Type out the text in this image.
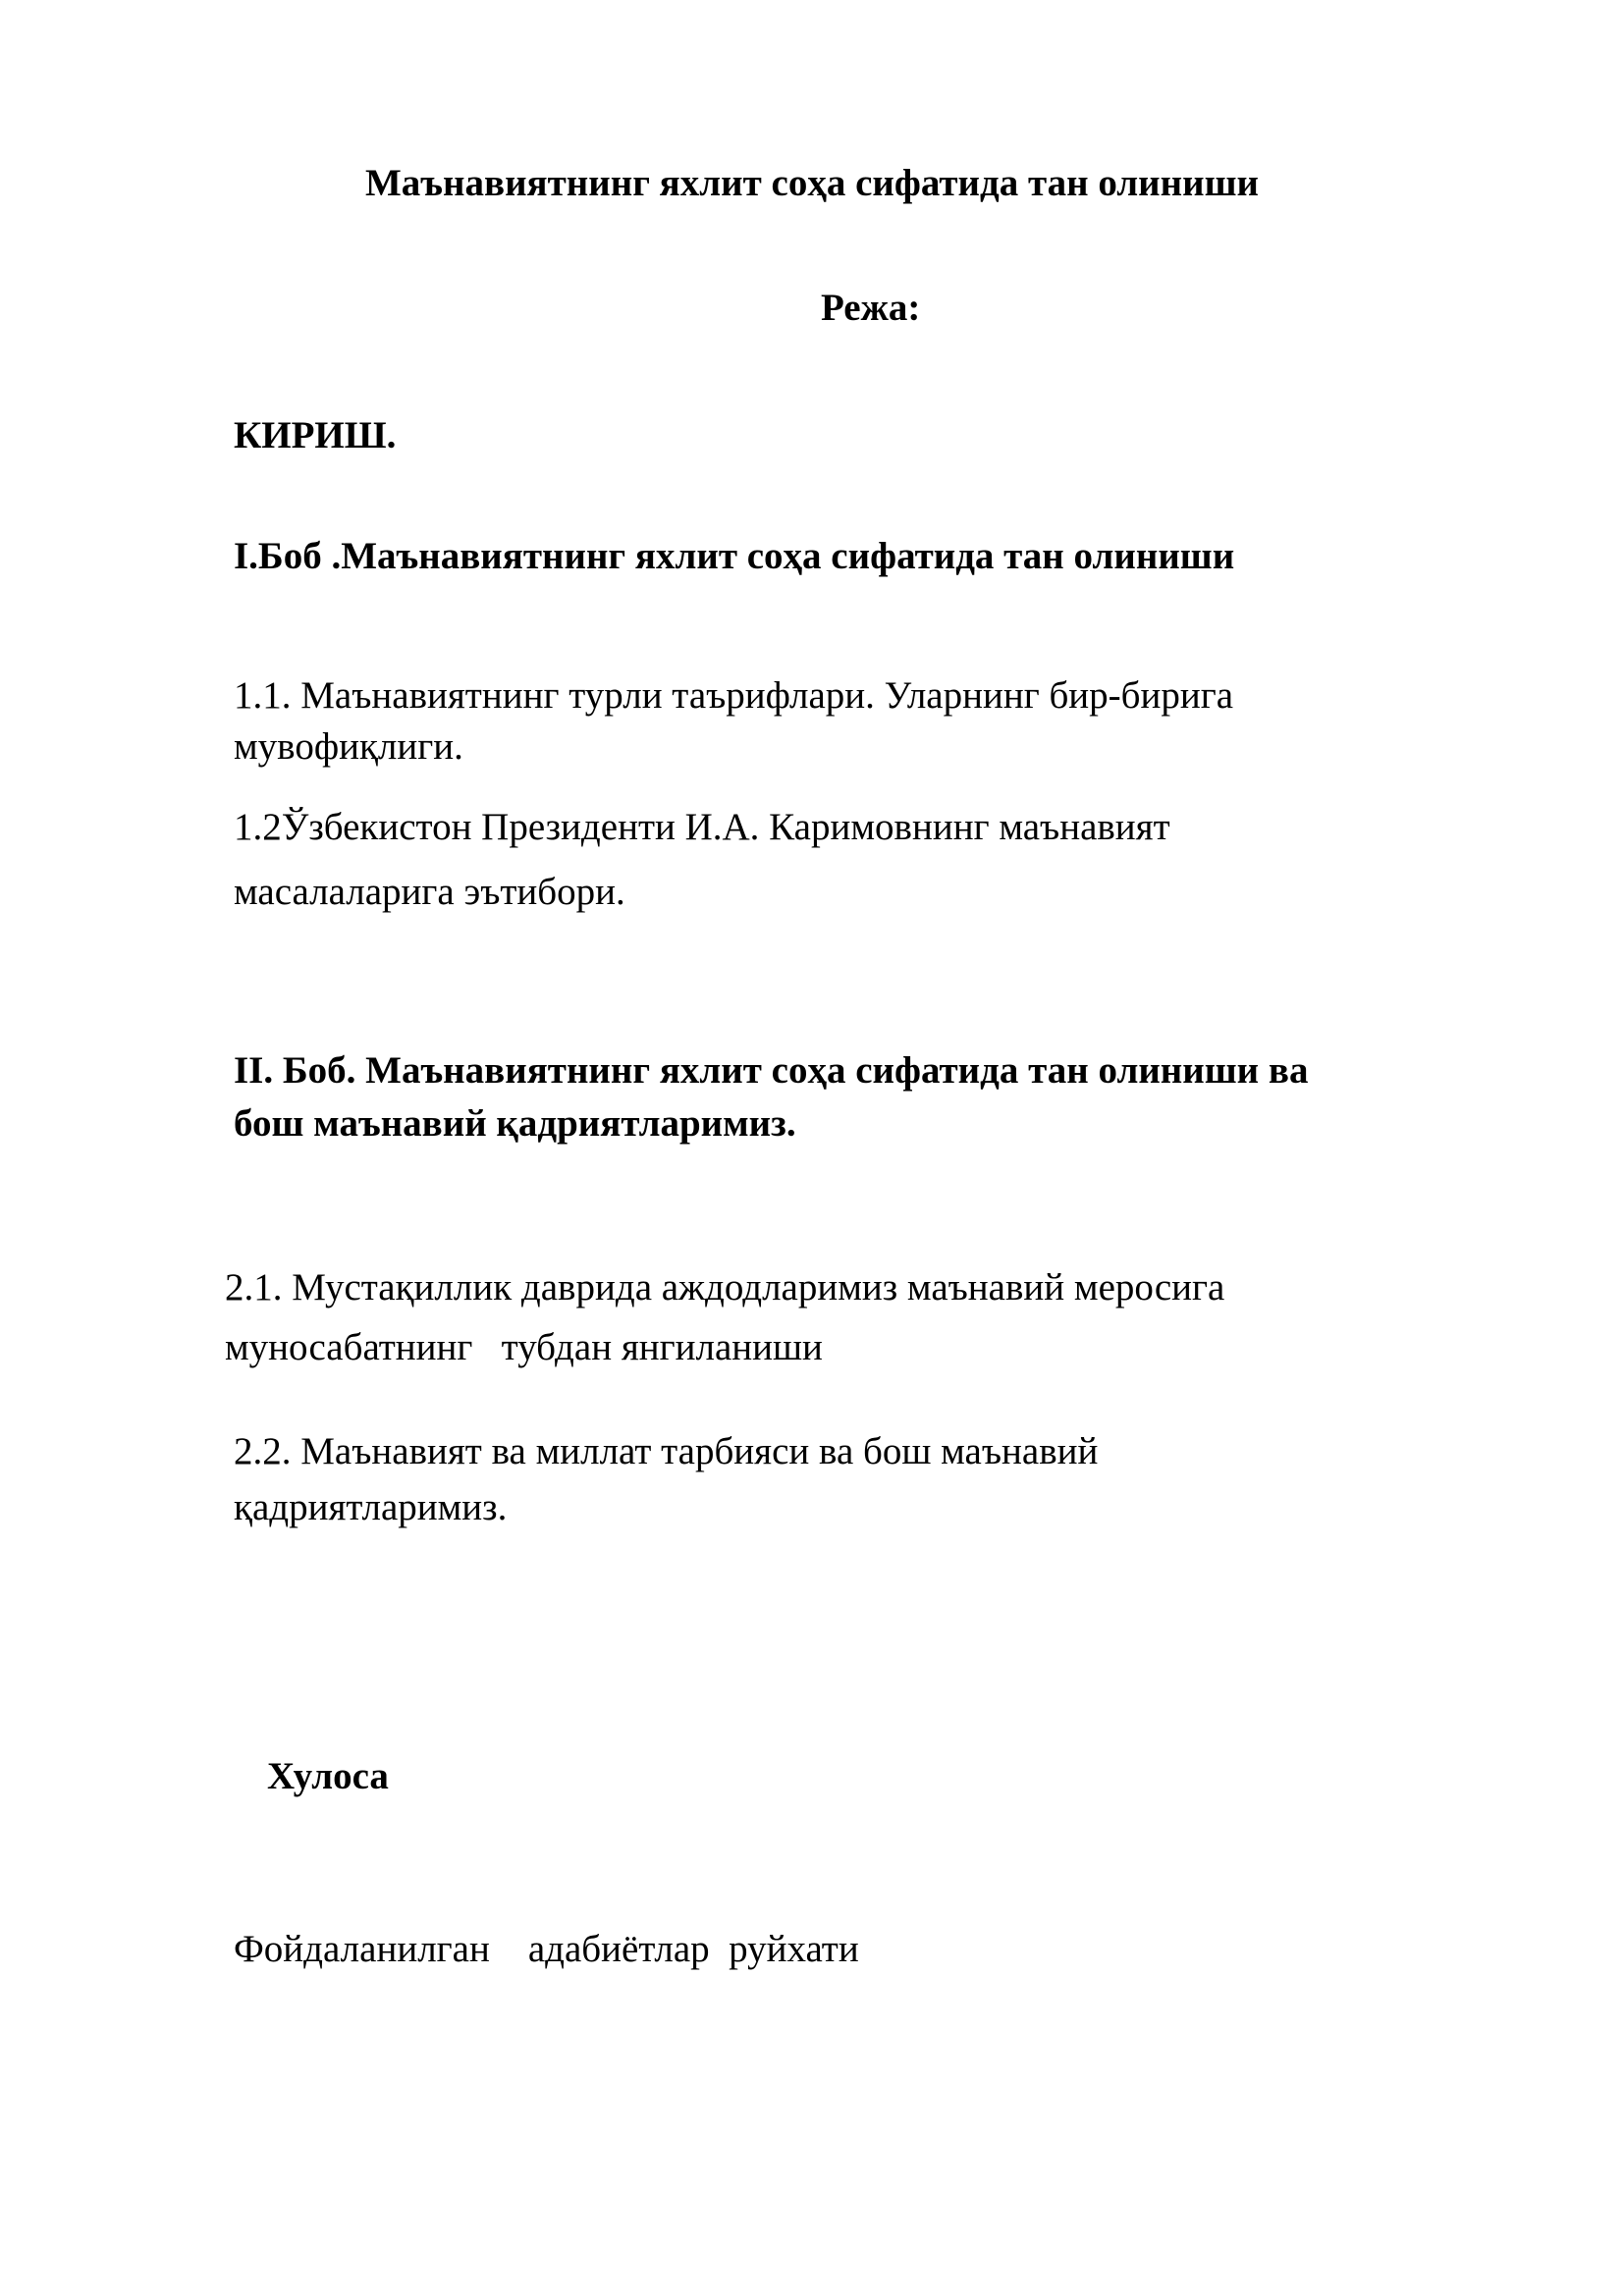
Маънавиятнинг яхлит соҳа сифатида тан олиниши

Режа:

КИРИШ.

I.Боб .Маънавиятнинг яхлит соҳа сифатида тан олиниши

1.1. Маънавиятнинг турли таърифлари. Уларнинг бир-бирига

мувофиқлиги.

1.2Ўзбекистон Президенти И.А. Каримовнинг маънавият

масалаларига эътибори.

II. Боб. Маънавиятнинг яхлит соҳа сифатида тан олиниши ва

бош маънавий қадриятларимиз.

2.1. Мустақиллик даврида аждодларимиз маънавий меросига

муносабатнинг   тубдан янгиланиши

2.2. Маънавият ва миллат тарбияси ва бош маънавий

қадриятларимиз.

Хулоса

Фойдаланилган    адабиётлар  руйхати
